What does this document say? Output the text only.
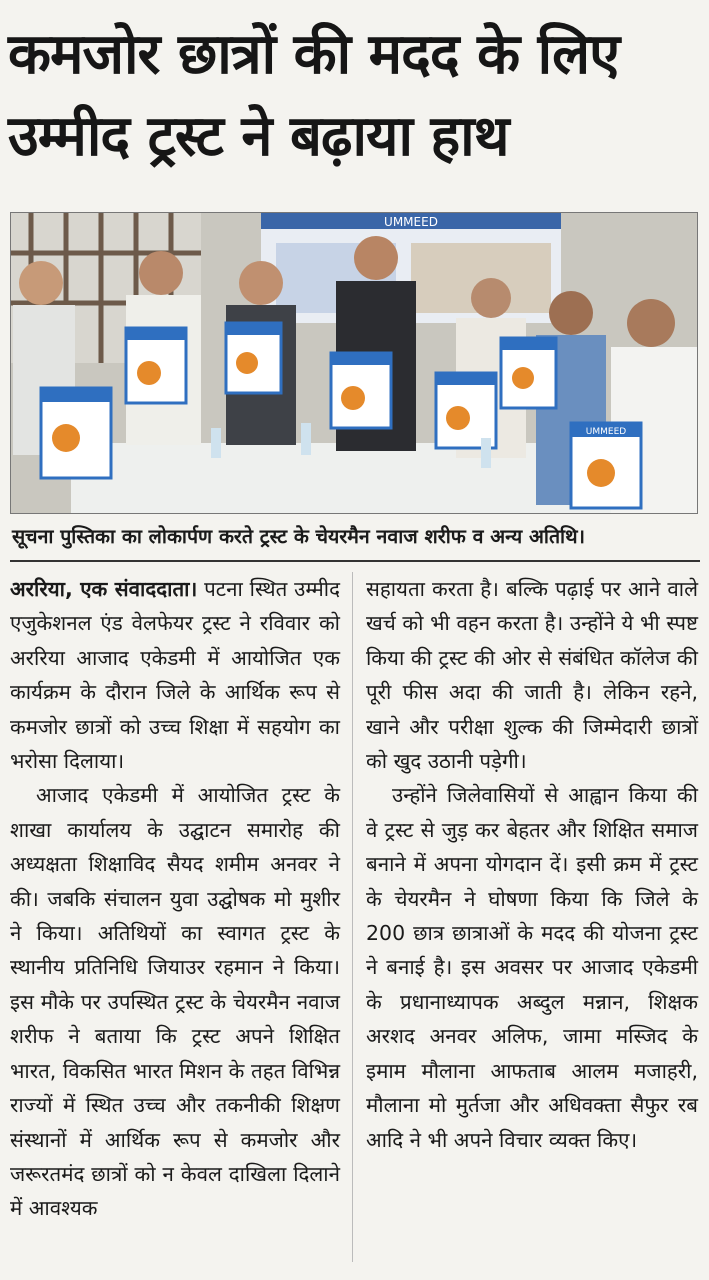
कमजोर छात्रों की मदद के लिए
उम्मीद ट्रस्ट ने बढ़ाया हाथ
UMMEED
UMMEED
सूचना पुस्तिका का लोकार्पण करते ट्रस्ट के चेयरमैन नवाज शरीफ व अन्य अतिथि।

अररिया, एक संवाददाता। पटना स्थित उम्मीद एजुकेशनल एंड वेलफेयर ट्रस्ट ने रविवार को अररिया आजाद एकेडमी में आयोजित एक कार्यक्रम के दौरान जिले के आर्थिक रूप से कमजोर छात्रों को उच्च शिक्षा में सहयोग का भरोसा दिलाया।

आजाद एकेडमी में आयोजित ट्रस्ट के शाखा कार्यालय के उद्घाटन समारोह की अध्यक्षता शिक्षाविद सैयद शमीम अनवर ने की। जबकि संचालन युवा उद्घोषक मो मुशीर ने किया। अतिथियों का स्वागत ट्रस्ट के स्थानीय प्रतिनिधि जियाउर रहमान ने किया। इस मौके पर उपस्थित ट्रस्ट के चेयरमैन नवाज शरीफ ने बताया कि ट्रस्ट अपने शिक्षित भारत, विकसित भारत मिशन के तहत विभिन्न राज्यों में स्थित उच्च और तकनीकी शिक्षण संस्थानों में आर्थिक रूप से कमजोर और जरूरतमंद छात्रों को न केवल दाखिला दिलाने में आवश्यक

सहायता करता है। बल्कि पढ़ाई पर आने वाले खर्च को भी वहन करता है। उन्होंने ये भी स्पष्ट किया की ट्रस्ट की ओर से संबंधित कॉलेज की पूरी फीस अदा की जाती है। लेकिन रहने, खाने और परीक्षा शुल्क की जिम्मेदारी छात्रों को खुद उठानी पड़ेगी।

उन्होंने जिलेवासियों से आह्वान किया की वे ट्रस्ट से जुड़ कर बेहतर और शिक्षित समाज बनाने में अपना योगदान दें। इसी क्रम में ट्रस्ट के चेयरमैन ने घोषणा किया कि जिले के 200 छात्र छात्राओं के मदद की योजना ट्रस्ट ने बनाई है। इस अवसर पर आजाद एकेडमी के प्रधानाध्यापक अब्दुल मन्नान, शिक्षक अरशद अनवर अलिफ, जामा मस्जिद के इमाम मौलाना आफताब आलम मजाहरी, मौलाना मो मुर्तजा और अधिवक्ता सैफुर रब आदि ने भी अपने विचार व्यक्त किए।
